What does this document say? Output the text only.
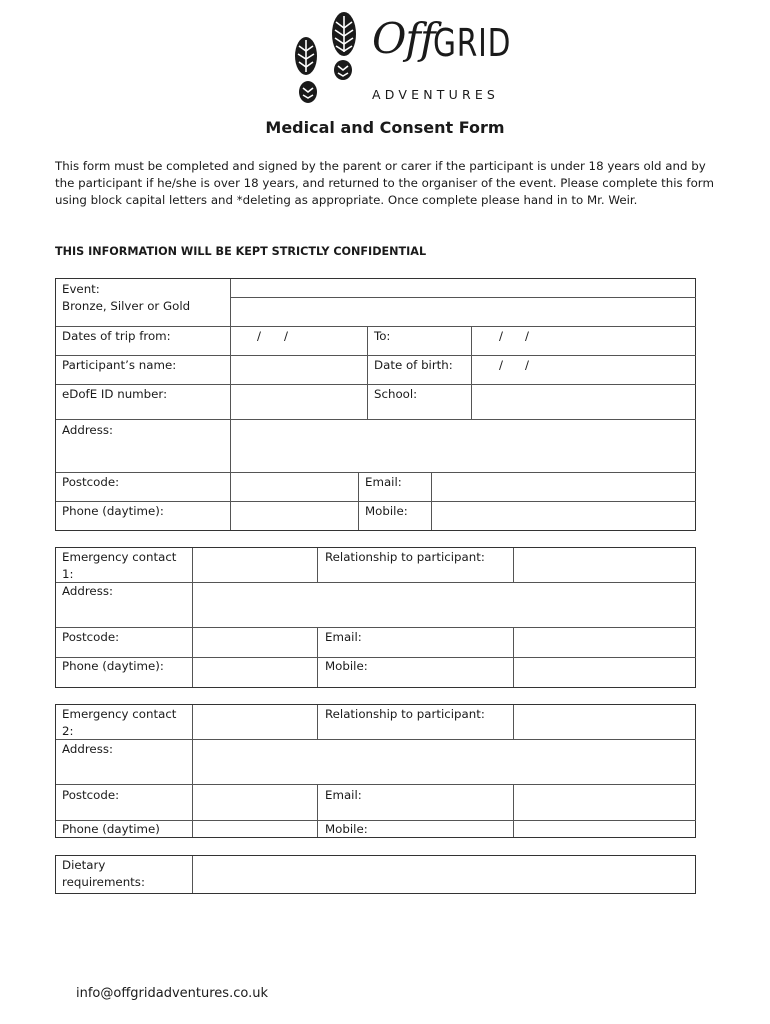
Off
GRID
ADVENTURES
Medical and Consent Form

This form must be completed and signed by the parent or carer if the participant is under 18 years old and by the participant if he/she is over 18 years, and returned to the organiser of the event. Please complete this form using block capital letters and *deleting as appropriate. Once complete please hand in to Mr. Weir.

THIS INFORMATION WILL BE KEPT STRICTLY CONFIDENTIAL
Event:
Bronze, Silver or Gold
Dates of trip from:	/ /	To:	/ /
Participant’s name:	Date of birth:	/ /
eDofE ID number:	School:
Address:
Postcode:	Email:
Phone (daytime):	Mobile:
Emergency contact 1:
Relationship to participant:
Address:
Postcode:	Email:
Phone (daytime):	Mobile:
Emergency contact 2:
Relationship to participant:
Address:
Postcode:	Email:
Phone (daytime)	Mobile:
Dietary requirements:
info@offgridadventures.co.uk
